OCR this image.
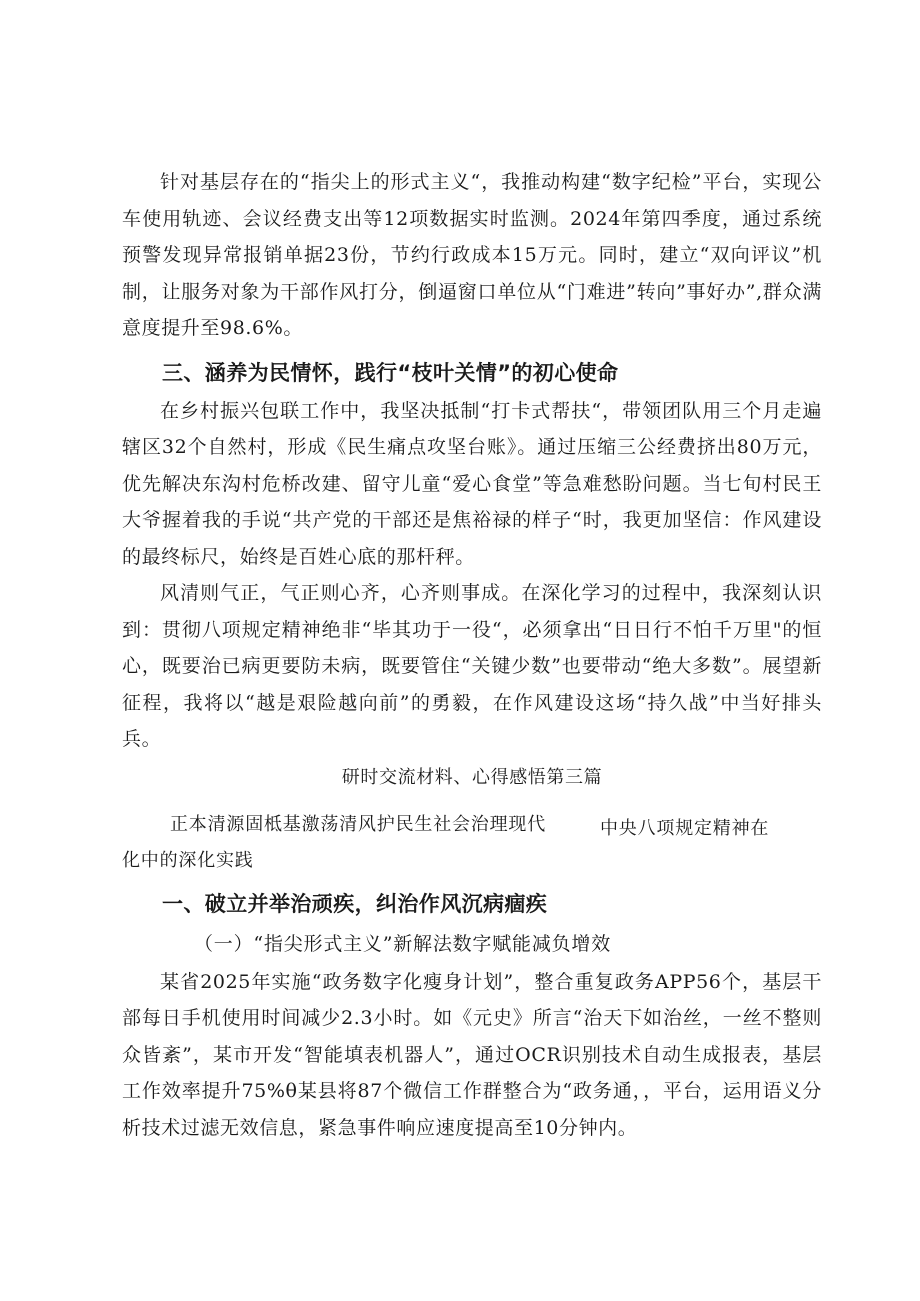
针对基层存在的“指尖上的形式主义“，我推动构建“数字纪检”平台，实现公车使用轨迹、会议经费支出等12项数据实时监测。2024年第四季度，通过系统预警发现异常报销单据23份，节约行政成本15万元。同时，建立“双向评议”机制，让服务对象为干部作风打分，倒逼窗口单位从“门难进”转向”事好办”,群众满意度提升至98.6%。

三、涵养为民情怀，践行“枝叶关情”的初心使命

在乡村振兴包联工作中，我坚决抵制“打卡式帮扶“，带领团队用三个月走遍辖区32个自然村，形成《民生痛点攻坚台账》。通过压缩三公经费挤出80万元，优先解决东沟村危桥改建、留守儿童“爱心食堂”等急难愁盼问题。当七旬村民王大爷握着我的手说“共产党的干部还是焦裕禄的样子“时，我更加坚信：作风建设的最终标尺，始终是百姓心底的那杆秤。

风清则气正，气正则心齐，心齐则事成。在深化学习的过程中，我深刻认识到：贯彻八项规定精神绝非“毕其功于一役“，必须拿出“日日行不怕千万里"的恒心，既要治已病更要防未病，既要管住“关键少数”也要带动“绝大多数”。展望新征程，我将以“越是艰险越向前”的勇毅，在作风建设这场“持久战”中当好排头兵。

研时交流材料、心得感悟第三篇

正本清源固柢基激荡清风护民生社会治理现代	中央八项规定精神在
化中的深化实践

一、破立并举治顽疾，纠治作风沉病痼疾

（一）“指尖形式主义”新解法数字赋能减负增效

某省2025年实施“政务数字化瘦身计划”，整合重复政务APP56个，基层干部每日手机使用时间减少2.3小时。如《元史》所言“治天下如治丝，一丝不整则众皆紊”，某市开发“智能填表机器人”，通过OCR识别技术自动生成报表，基层工作效率提升75%θ某县将87个微信工作群整合为“政务通，，平台，运用语义分析技术过滤无效信息，紧急事件响应速度提高至10分钟内。
